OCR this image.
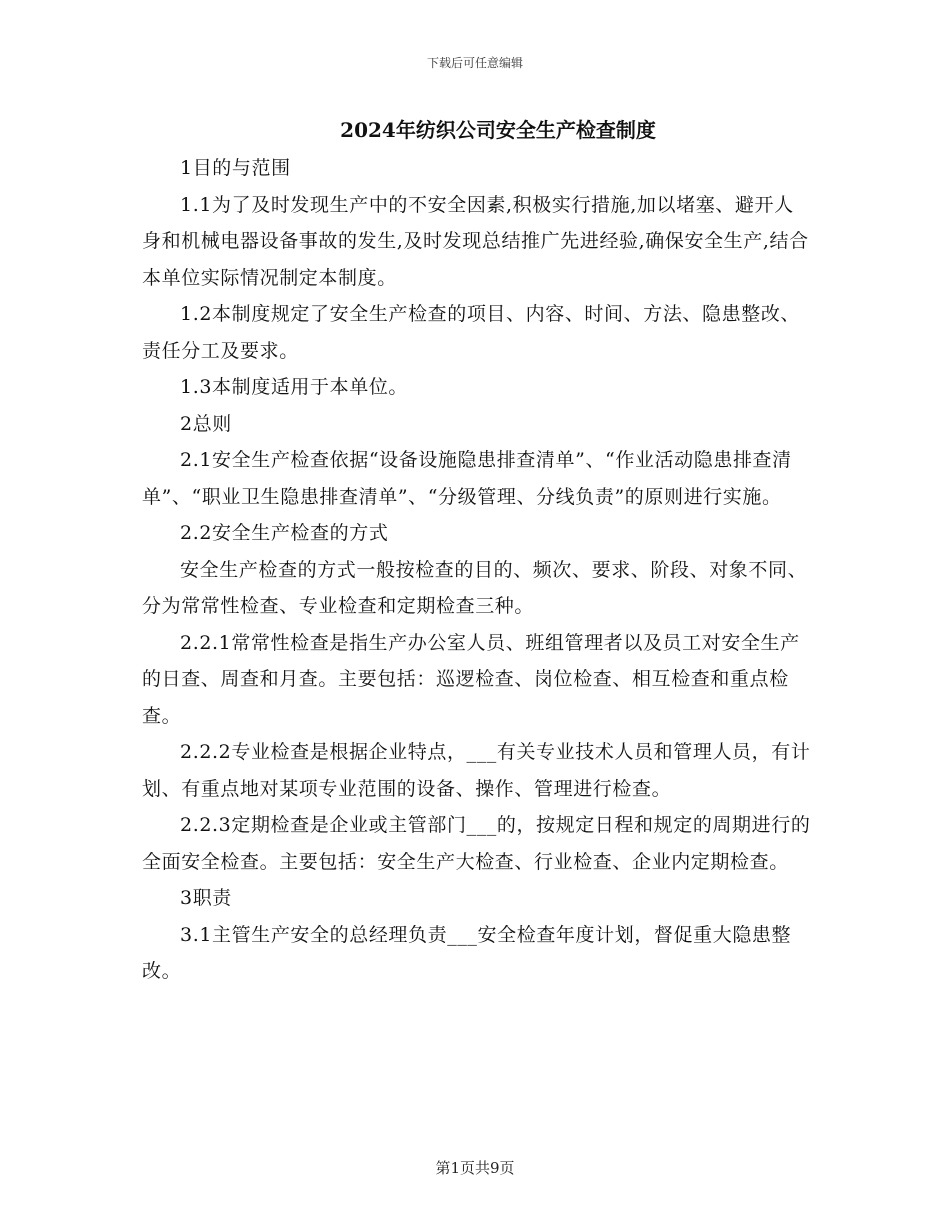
下载后可任意编辑
2024年纺织公司安全生产检查制度

1目的与范围

1.1为了及时发现生产中的不安全因素,积极实行措施,加以堵塞、避开人身和机械电器设备事故的发生,及时发现总结推广先进经验,确保安全生产,结合本单位实际情况制定本制度。

1.2本制度规定了安全生产检查的项目、内容、时间、方法、隐患整改、责任分工及要求。

1.3本制度适用于本单位。

2总则

2.1安全生产检查依据“设备设施隐患排查清单”、“作业活动隐患排查清单”、“职业卫生隐患排查清单”、“分级管理、分线负责”的原则进行实施。

2.2安全生产检查的方式

安全生产检查的方式一般按检查的目的、频次、要求、阶段、对象不同、分为常常性检查、专业检查和定期检查三种。

2.2.1常常性检查是指生产办公室人员、班组管理者以及员工对安全生产的日查、周查和月查。主要包括：巡逻检查、岗位检查、相互检查和重点检查。

2.2.2专业检查是根据企业特点，___有关专业技术人员和管理人员，有计划、有重点地对某项专业范围的设备、操作、管理进行检查。

2.2.3定期检查是企业或主管部门___的，按规定日程和规定的周期进行的全面安全检查。主要包括：安全生产大检查、行业检查、企业内定期检查。

3职责

3.1主管生产安全的总经理负责___安全检查年度计划，督促重大隐患整改。

第1页共9页
